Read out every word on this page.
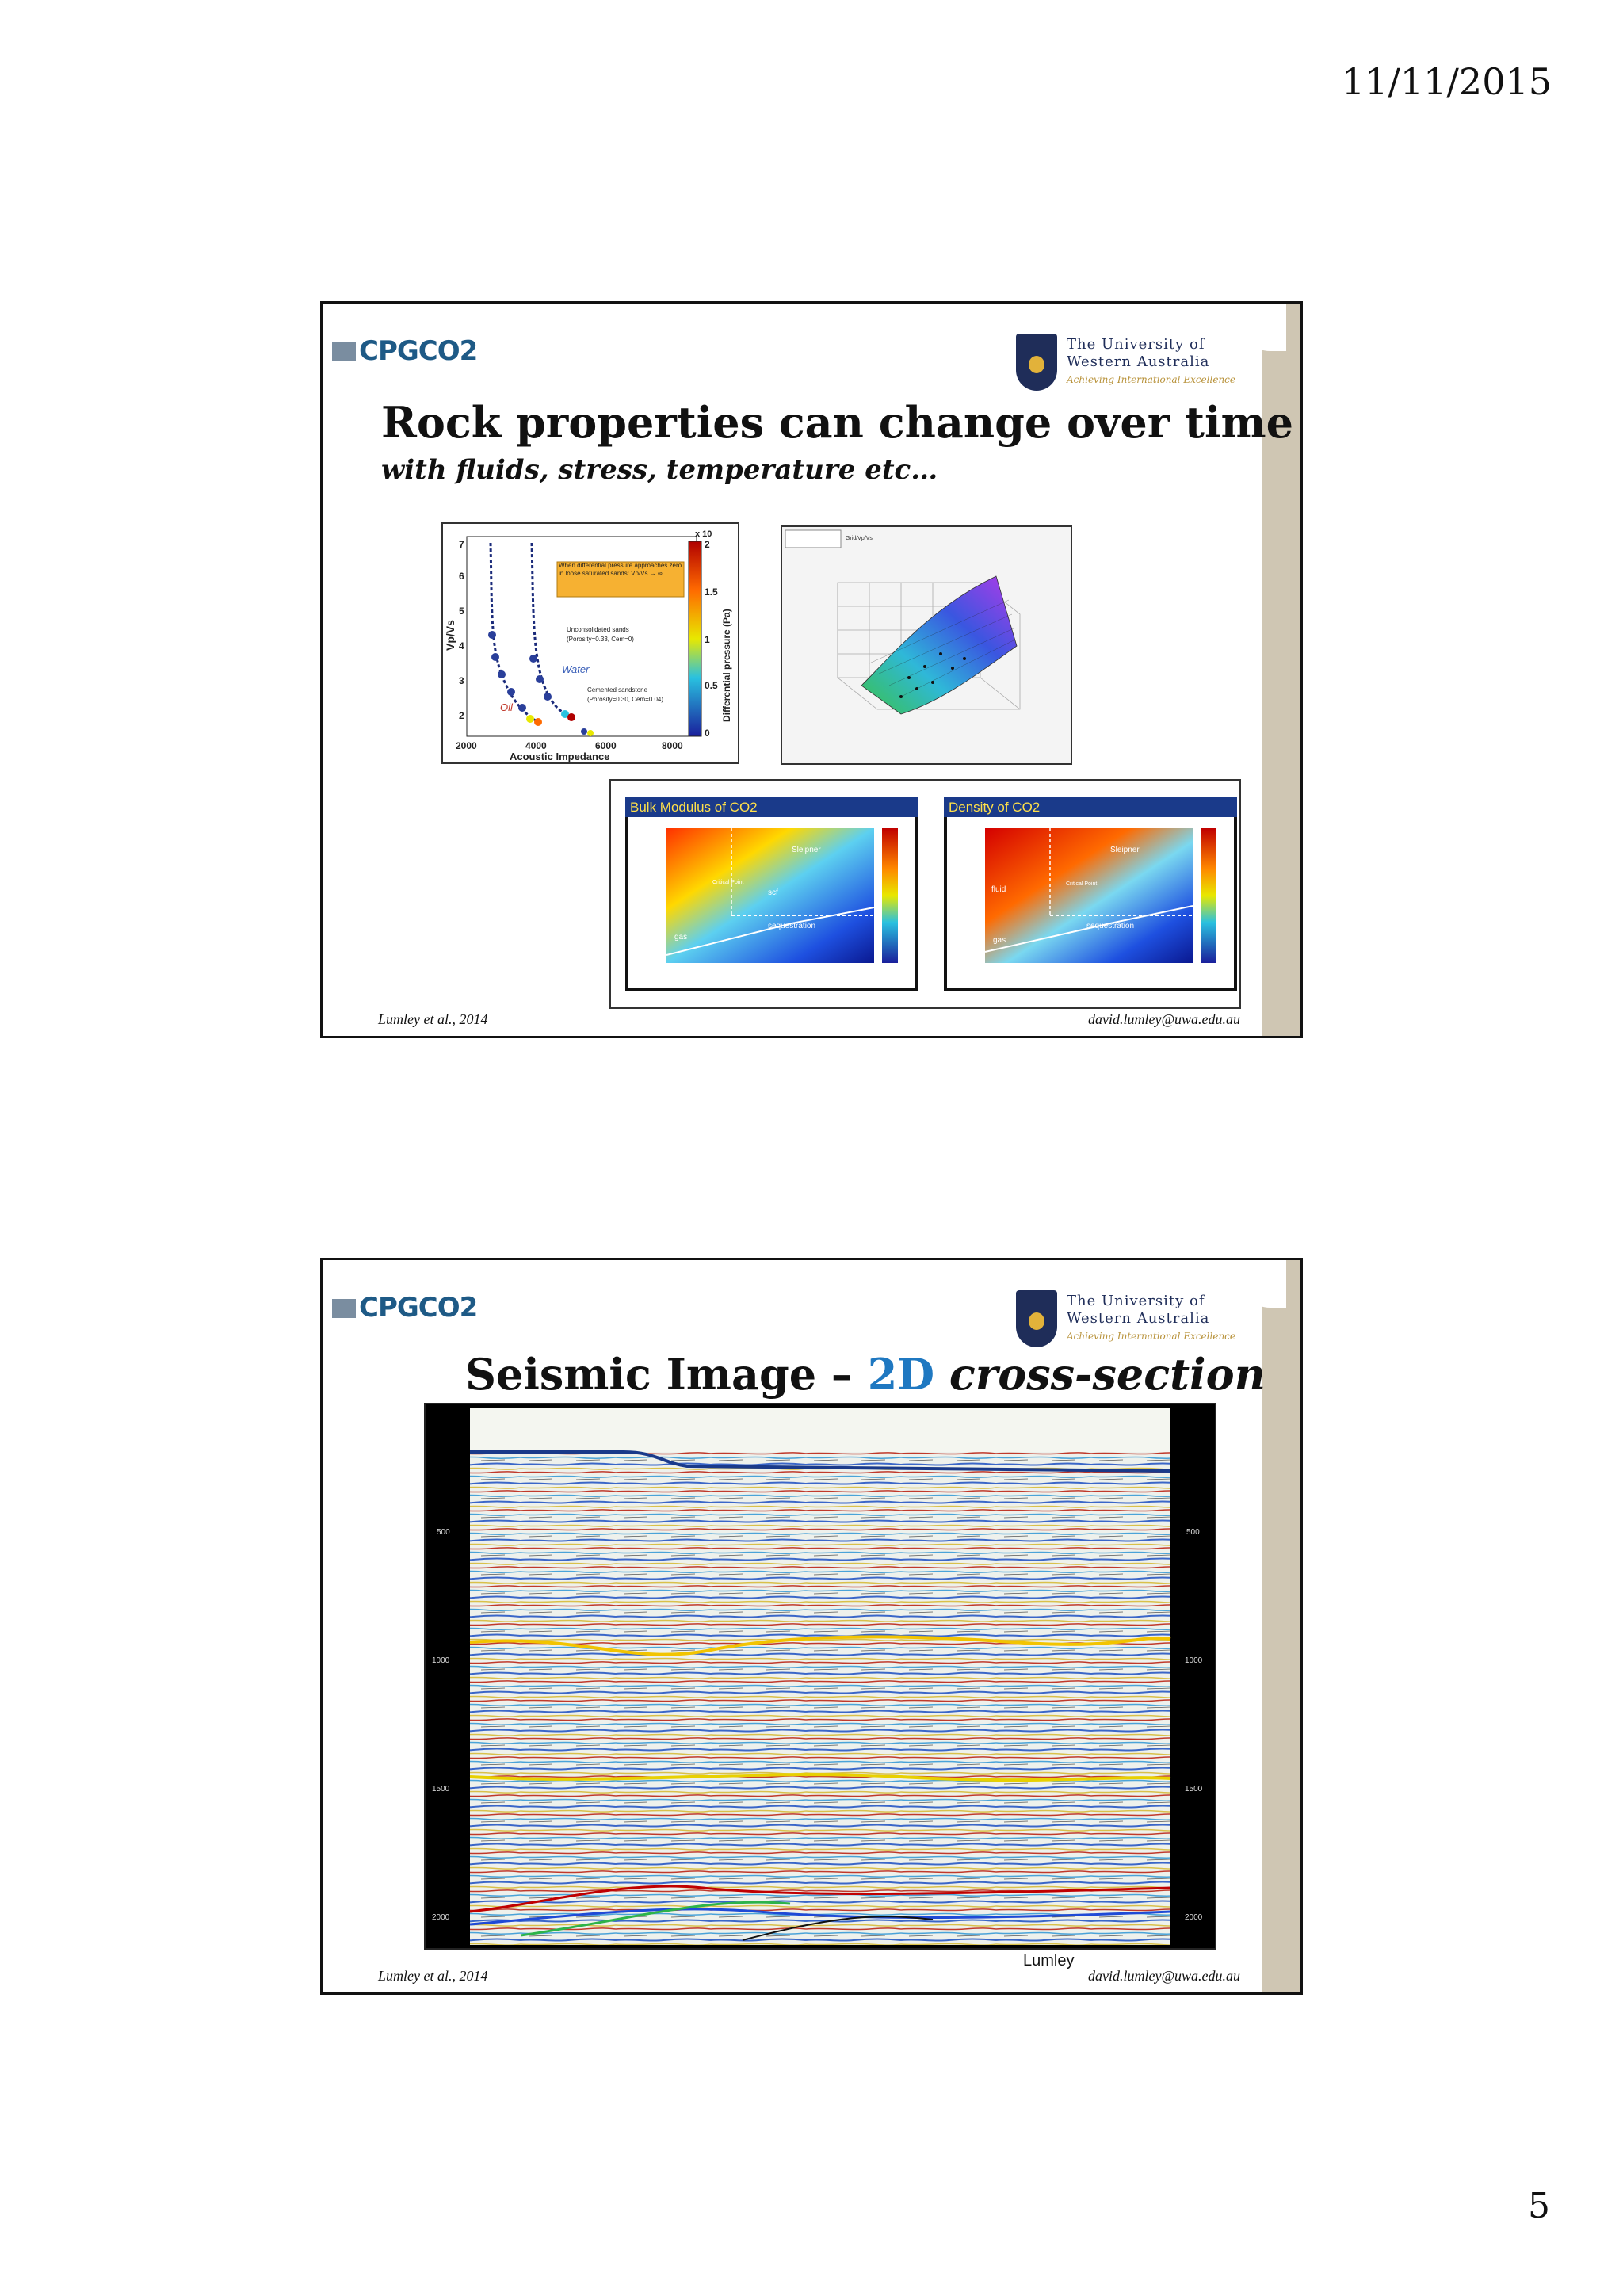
11/11/2015
CPGCO2	The University of
Western Australia
Achieving International Excellence
Rock properties can change over time
with fluids, stress, temperature etc…
7
6
5
4
3
2
2000	4000	6000	8000
Acoustic Impedance
Vp/Vs
When differential pressure approaches zero in loose saturated sands: Vp/Vs → ∞
Unconsolidated sands
(Porosity=0.33, Cem=0)
Cemented sandstone
(Porosity=0.30, Cem=0.04)
Water
Oil
2
1.5
1
0.5
0
x 10
Differential pressure (Pa)
Grid/Vp/Vs
Bulk Modulus of CO2
Sleipner
scf
sequestration
gas
Critical Point
Density of CO2
Sleipner
fluid
sequestration
gas
Critical Point
Lumley et al., 2014	david.lumley@uwa.edu.au
CPGCO2	The University of
Western Australia
Achieving International Excellence
Seismic Image – 2D cross-section
500
1000
1500
2000
500
1000
1500
2000
Lumley
Lumley et al., 2014	david.lumley@uwa.edu.au
5
